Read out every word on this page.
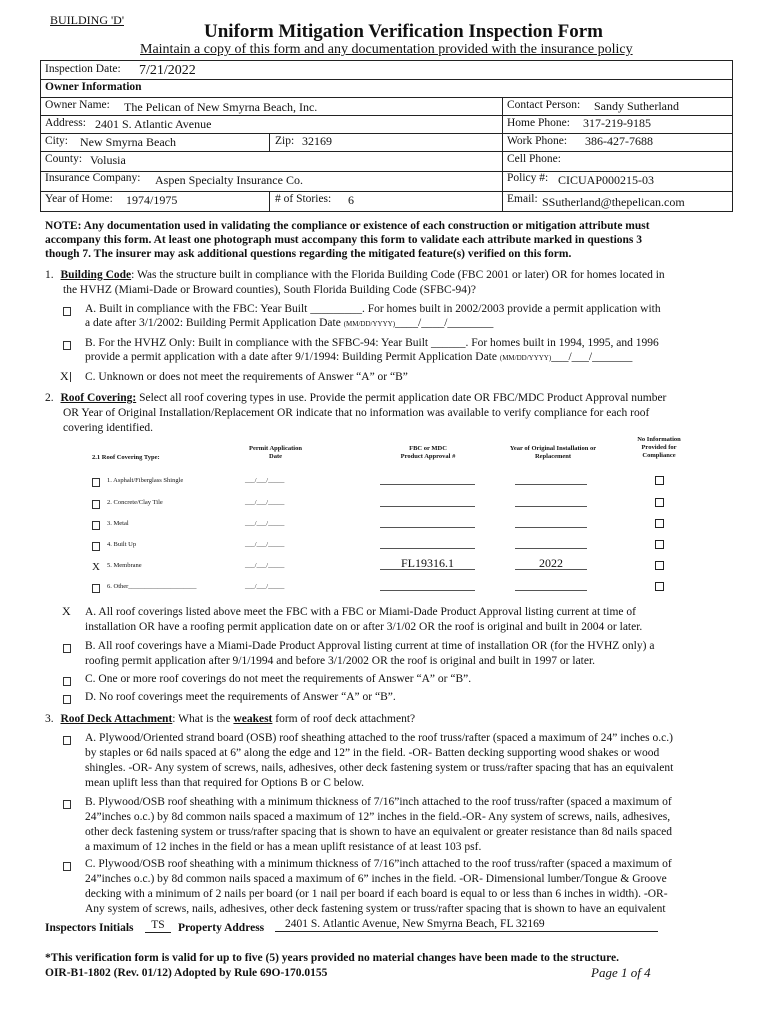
BUILDING 'D'
Uniform Mitigation Verification Inspection Form
Maintain a copy of this form and any documentation provided with the insurance policy
Inspection Date: 7/21/2022
Owner Information
Owner Name: The Pelican of New Smyrna Beach, Inc.	Contact Person: Sandy Sutherland
Address: 2401 S. Atlantic Avenue	Home Phone: 317-219-9185
City: New Smyrna Beach	Zip: 32169	Work Phone: 386-427-7688
County: Volusia	Cell Phone:
Insurance Company: Aspen Specialty Insurance Co.	Policy #: CICUAP000215-03
Year of Home: 1974/1975	# of Stories: 6	Email: SSutherland@thepelican.com
NOTE: Any documentation used in validating the compliance or existence of each construction or mitigation attribute must
accompany this form. At least one photograph must accompany this form to validate each attribute marked in questions 3
though 7. The insurer may ask additional questions regarding the mitigated feature(s) verified on this form.
1. Building Code: Was the structure built in compliance with the Florida Building Code (FBC 2001 or later) OR for homes located in
the HVHZ (Miami-Dade or Broward counties), South Florida Building Code (SFBC-94)?
A. Built in compliance with the FBC: Year Built _________. For homes built in 2002/2003 provide a permit application with
a date after 3/1/2002: Building Permit Application Date (MM/DD/YYYY)____/____/________
B. For the HVHZ Only: Built in compliance with the SFBC-94: Year Built ______. For homes built in 1994, 1995, and 1996
provide a permit application with a date after 9/1/1994: Building Permit Application Date (MM/DD/YYYY)___/___/_______
X C. Unknown or does not meet the requirements of Answer “A” or “B”
2. Roof Covering: Select all roof covering types in use. Provide the permit application date OR FBC/MDC Product Approval number
OR Year of Original Installation/Replacement OR indicate that no information was available to verify compliance for each roof
covering identified.
2.1 Roof Covering Type:
Permit Application
Date
FBC or MDC
Product Approval #
Year of Original Installation or
Replacement
No Information
Provided for
Compliance
1. Asphalt/Fiberglass Shingle	___/___/_____
2. Concrete/Clay Tile	___/___/_____
3. Metal	___/___/_____
4. Built Up	___/___/_____
X 5. Membrane	___/___/_____	FL19316.1	2022
6. Other_____________________	___/___/_____
X A. All roof coverings listed above meet the FBC with a FBC or Miami-Dade Product Approval listing current at time of
installation OR have a roofing permit application date on or after 3/1/02 OR the roof is original and built in 2004 or later.
B. All roof coverings have a Miami-Dade Product Approval listing current at time of installation OR (for the HVHZ only) a
roofing permit application after 9/1/1994 and before 3/1/2002 OR the roof is original and built in 1997 or later.
C. One or more roof coverings do not meet the requirements of Answer “A” or “B”.
D. No roof coverings meet the requirements of Answer “A” or “B”.
3. Roof Deck Attachment: What is the weakest form of roof deck attachment?
A. Plywood/Oriented strand board (OSB) roof sheathing attached to the roof truss/rafter (spaced a maximum of 24” inches o.c.)
by staples or 6d nails spaced at 6” along the edge and 12” in the field. -OR- Batten decking supporting wood shakes or wood
shingles. -OR- Any system of screws, nails, adhesives, other deck fastening system or truss/rafter spacing that has an equivalent
mean uplift less than that required for Options B or C below.
B. Plywood/OSB roof sheathing with a minimum thickness of 7/16”inch attached to the roof truss/rafter (spaced a maximum of
24”inches o.c.) by 8d common nails spaced a maximum of 12” inches in the field.-OR- Any system of screws, nails, adhesives,
other deck fastening system or truss/rafter spacing that is shown to have an equivalent or greater resistance than 8d nails spaced
a maximum of 12 inches in the field or has a mean uplift resistance of at least 103 psf.
C. Plywood/OSB roof sheathing with a minimum thickness of 7/16”inch attached to the roof truss/rafter (spaced a maximum of
24”inches o.c.) by 8d common nails spaced a maximum of 6” inches in the field. -OR- Dimensional lumber/Tongue & Groove
decking with a minimum of 2 nails per board (or 1 nail per board if each board is equal to or less than 6 inches in width). -OR-
Any system of screws, nails, adhesives, other deck fastening system or truss/rafter spacing that is shown to have an equivalent
Inspectors Initials	TS	Property Address	2401 S. Atlantic Avenue, New Smyrna Beach, FL 32169
*This verification form is valid for up to five (5) years provided no material changes have been made to the structure.
OIR-B1-1802 (Rev. 01/12) Adopted by Rule 69O-170.0155	Page 1 of 4
